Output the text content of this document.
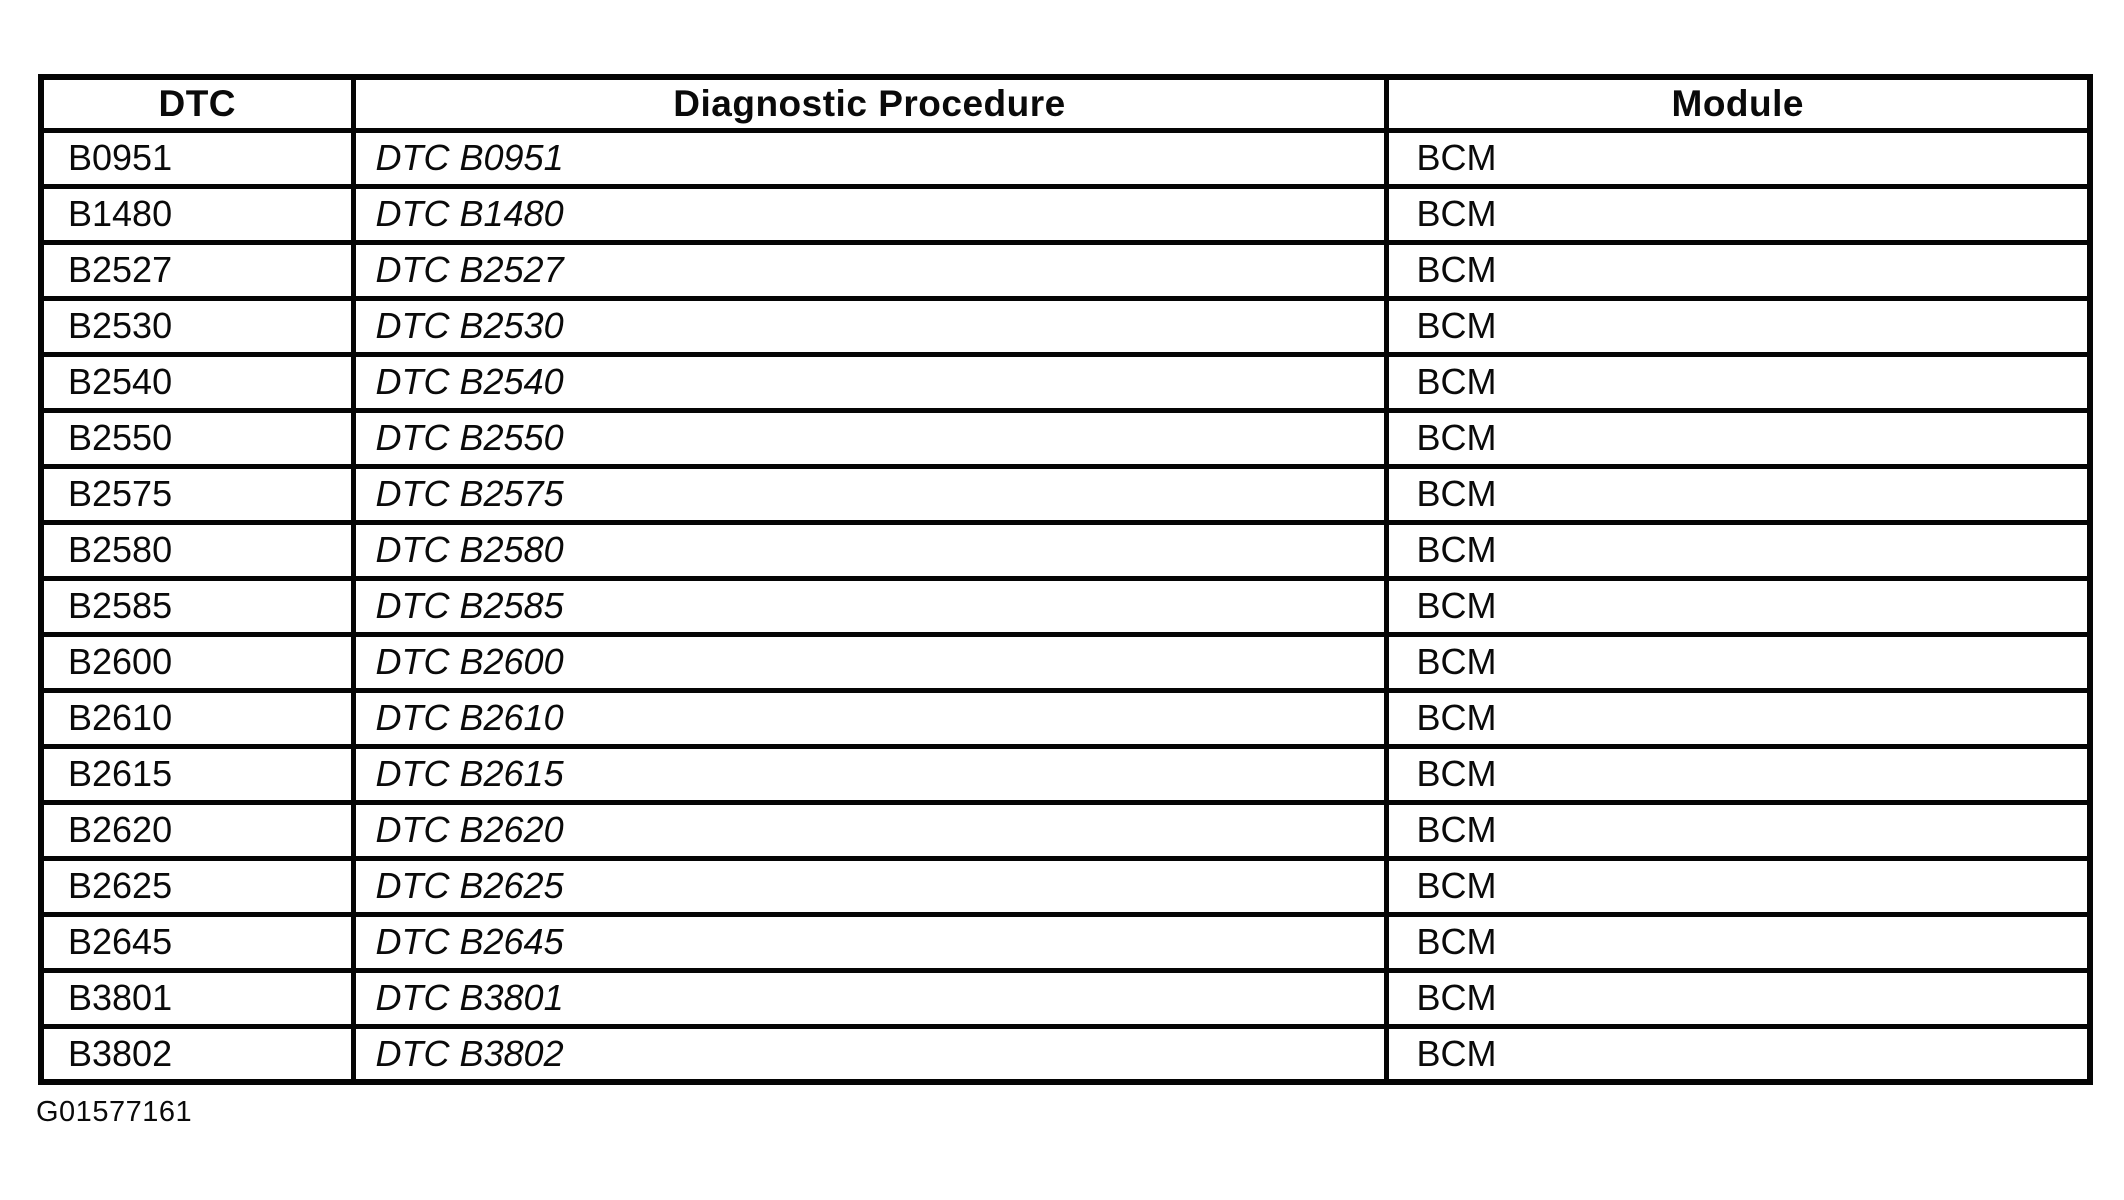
DTC	Diagnostic Procedure	Module
B0951	DTC B0951	BCM
B1480	DTC B1480	BCM
B2527	DTC B2527	BCM
B2530	DTC B2530	BCM
B2540	DTC B2540	BCM
B2550	DTC B2550	BCM
B2575	DTC B2575	BCM
B2580	DTC B2580	BCM
B2585	DTC B2585	BCM
B2600	DTC B2600	BCM
B2610	DTC B2610	BCM
B2615	DTC B2615	BCM
B2620	DTC B2620	BCM
B2625	DTC B2625	BCM
B2645	DTC B2645	BCM
B3801	DTC B3801	BCM
B3802	DTC B3802	BCM
G01577161
